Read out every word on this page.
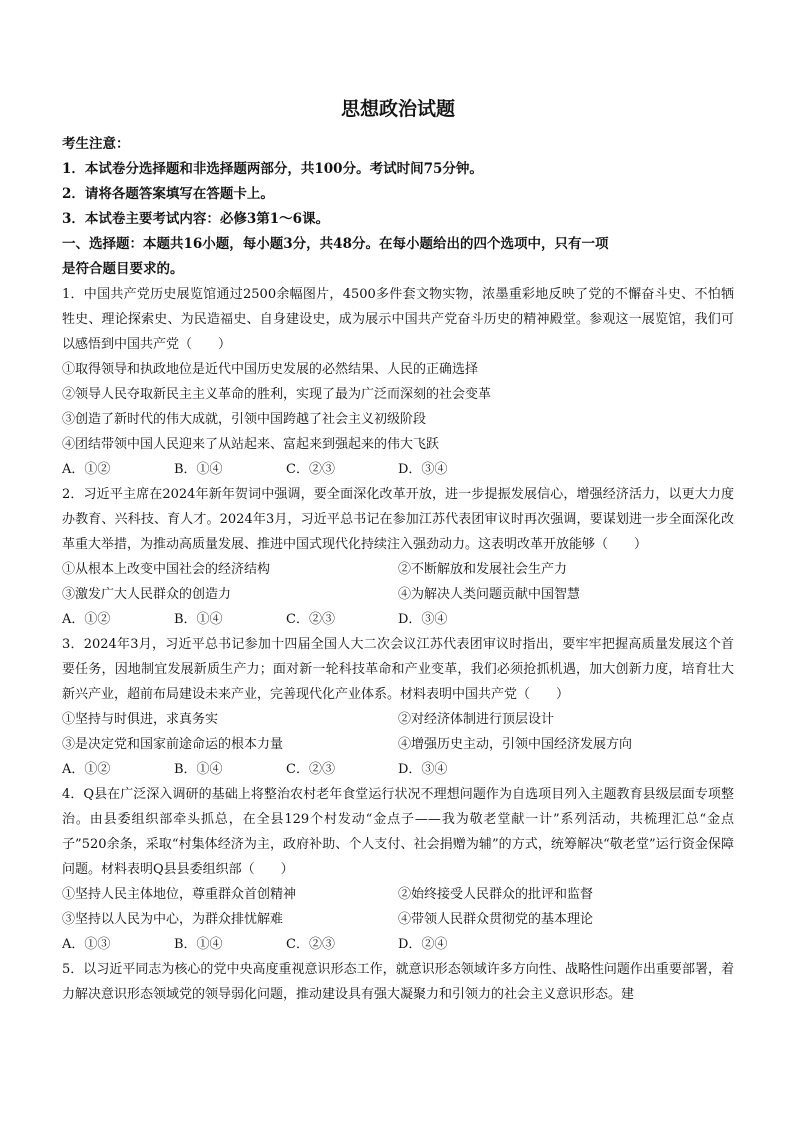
思想政治试题

考生注意：

1．本试卷分选择题和非选择题两部分，共100分。考试时间75分钟。

2．请将各题答案填写在答题卡上。

3．本试卷主要考试内容：必修3第1～6课。

一、选择题：本题共16小题，每小题3分，共48分。在每小题给出的四个选项中，只有一项

是符合题目要求的。

1．中国共产党历史展览馆通过2500余幅图片，4500多件套文物实物，浓墨重彩地反映了党的不懈奋斗史、不怕牺牲史、理论探索史、为民造福史、自身建设史，成为展示中国共产党奋斗历史的精神殿堂。参观这一展览馆，我们可以感悟到中国共产党（　　）

①取得领导和执政地位是近代中国历史发展的必然结果、人民的正确选择

②领导人民夺取新民主主义革命的胜利，实现了最为广泛而深刻的社会变革

③创造了新时代的伟大成就，引领中国跨越了社会主义初级阶段

④团结带领中国人民迎来了从站起来、富起来到强起来的伟大飞跃

A．①②	B．①④	C．②③	D．③④

2．习近平主席在2024年新年贺词中强调，要全面深化改革开放，进一步提振发展信心，增强经济活力，以更大力度办教育、兴科技、育人才。2024年3月，习近平总书记在参加江苏代表团审议时再次强调，要谋划进一步全面深化改革重大举措，为推动高质量发展、推进中国式现代化持续注入强劲动力。这表明改革开放能够（　　）

①从根本上改变中国社会的经济结构	②不断解放和发展社会生产力
③激发广大人民群众的创造力	④为解决人类问题贡献中国智慧
A．①②	B．①④	C．②③	D．③④

3．2024年3月，习近平总书记参加十四届全国人大二次会议江苏代表团审议时指出，要牢牢把握高质量发展这个首要任务，因地制宜发展新质生产力；面对新一轮科技革命和产业变革，我们必须抢抓机遇，加大创新力度，培育壮大新兴产业，超前布局建设未来产业，完善现代化产业体系。材料表明中国共产党（　　）

①坚持与时俱进，求真务实	②对经济体制进行顶层设计
③是决定党和国家前途命运的根本力量	④增强历史主动，引领中国经济发展方向
A．①②	B．①④	C．②③	D．③④

4．Q县在广泛深入调研的基础上将整治农村老年食堂运行状况不理想问题作为自选项目列入主题教育县级层面专项整治。由县委组织部牵头抓总，在全县129个村发动“金点子——我为敬老堂献一计”系列活动，共梳理汇总“金点子”520余条，采取“村集体经济为主，政府补助、个人支付、社会捐赠为辅”的方式，统筹解决“敬老堂”运行资金保障问题。材料表明Q县县委组织部（　　）

①坚持人民主体地位，尊重群众首创精神	②始终接受人民群众的批评和监督
③坚持以人民为中心，为群众排忧解难	④带领人民群众贯彻党的基本理论
A．①③	B．①④	C．②③	D．②④

5．以习近平同志为核心的党中央高度重视意识形态工作，就意识形态领域许多方向性、战略性问题作出重要部署，着力解决意识形态领域党的领导弱化问题，推动建设具有强大凝聚力和引领力的社会主义意识形态。建
